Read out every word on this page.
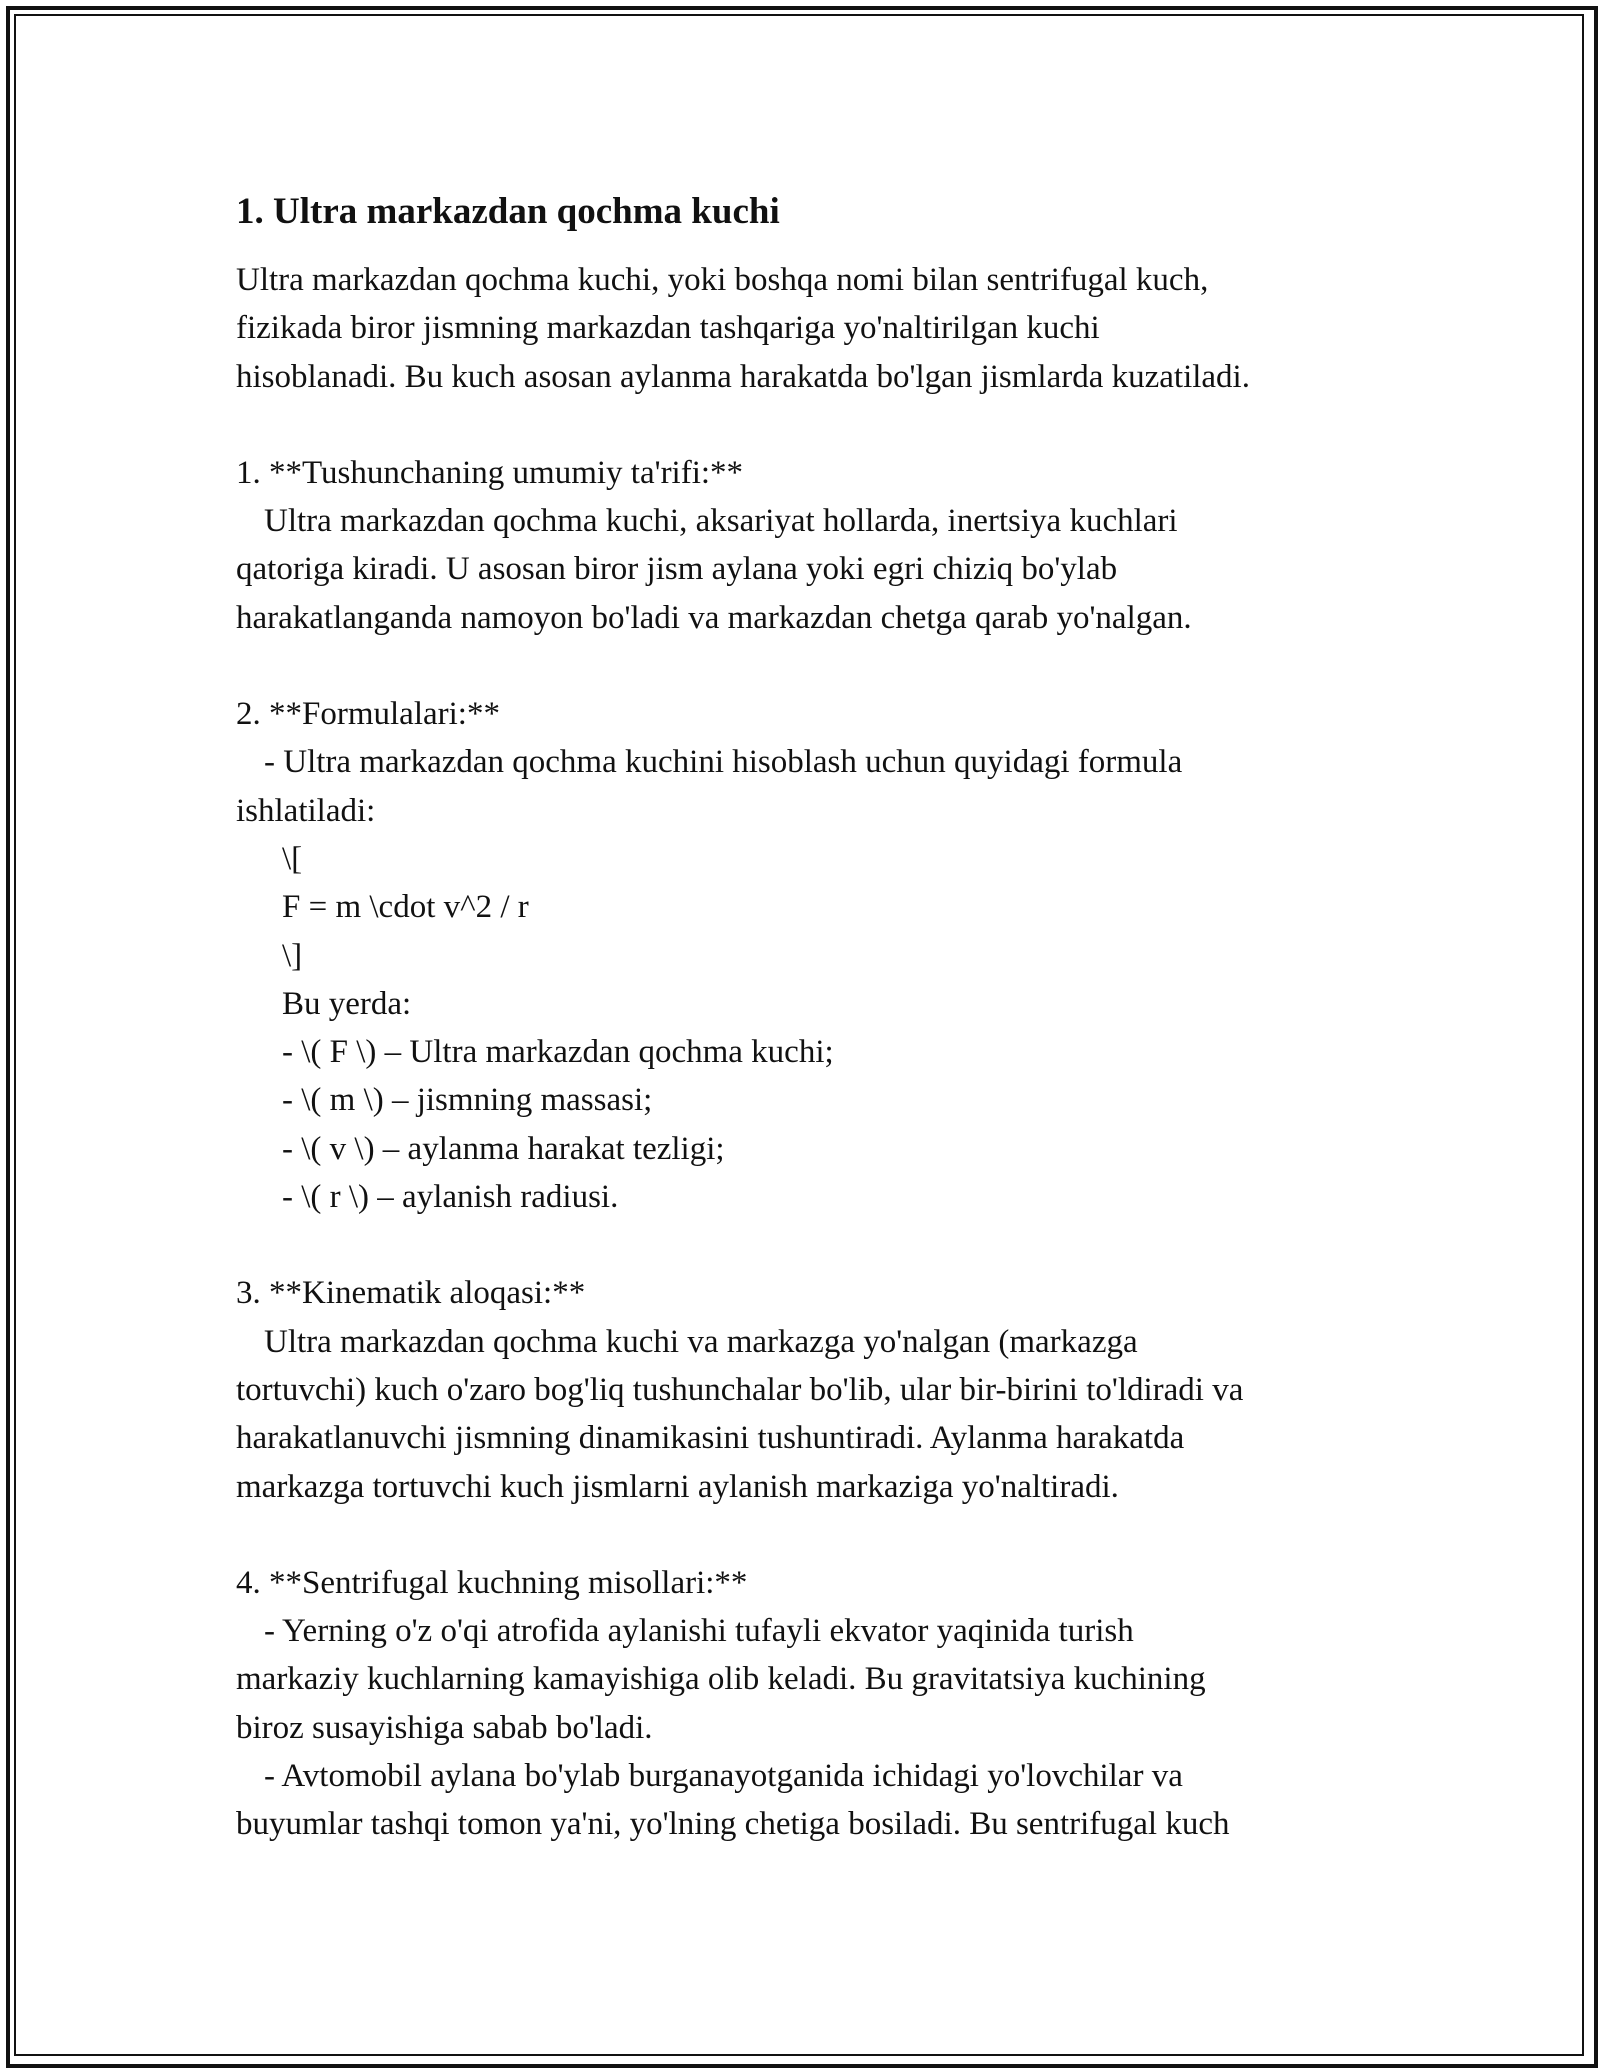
1. Ultra markazdan qochma kuchi
Ultra markazdan qochma kuchi, yoki boshqa nomi bilan sentrifugal kuch,
fizikada biror jismning markazdan tashqariga yo'naltirilgan kuchi
hisoblanadi. Bu kuch asosan aylanma harakatda bo'lgan jismlarda kuzatiladi.
1. **Tushunchaning umumiy ta'rifi:**
Ultra markazdan qochma kuchi, aksariyat hollarda, inertsiya kuchlari
qatoriga kiradi. U asosan biror jism aylana yoki egri chiziq bo'ylab
harakatlanganda namoyon bo'ladi va markazdan chetga qarab yo'nalgan.
2. **Formulalari:**
- Ultra markazdan qochma kuchini hisoblash uchun quyidagi formula
ishlatiladi:
\[
F = m \cdot v^2 / r
\]
Bu yerda:
- \( F \) – Ultra markazdan qochma kuchi;
- \( m \) – jismning massasi;
- \( v \) – aylanma harakat tezligi;
- \( r \) – aylanish radiusi.
3. **Kinematik aloqasi:**
Ultra markazdan qochma kuchi va markazga yo'nalgan (markazga
tortuvchi) kuch o'zaro bog'liq tushunchalar bo'lib, ular bir-birini to'ldiradi va
harakatlanuvchi jismning dinamikasini tushuntiradi. Aylanma harakatda
markazga tortuvchi kuch jismlarni aylanish markaziga yo'naltiradi.
4. **Sentrifugal kuchning misollari:**
- Yerning o'z o'qi atrofida aylanishi tufayli ekvator yaqinida turish
markaziy kuchlarning kamayishiga olib keladi. Bu gravitatsiya kuchining
biroz susayishiga sabab bo'ladi.
- Avtomobil aylana bo'ylab burganayotganida ichidagi yo'lovchilar va
buyumlar tashqi tomon ya'ni, yo'lning chetiga bosiladi. Bu sentrifugal kuch
